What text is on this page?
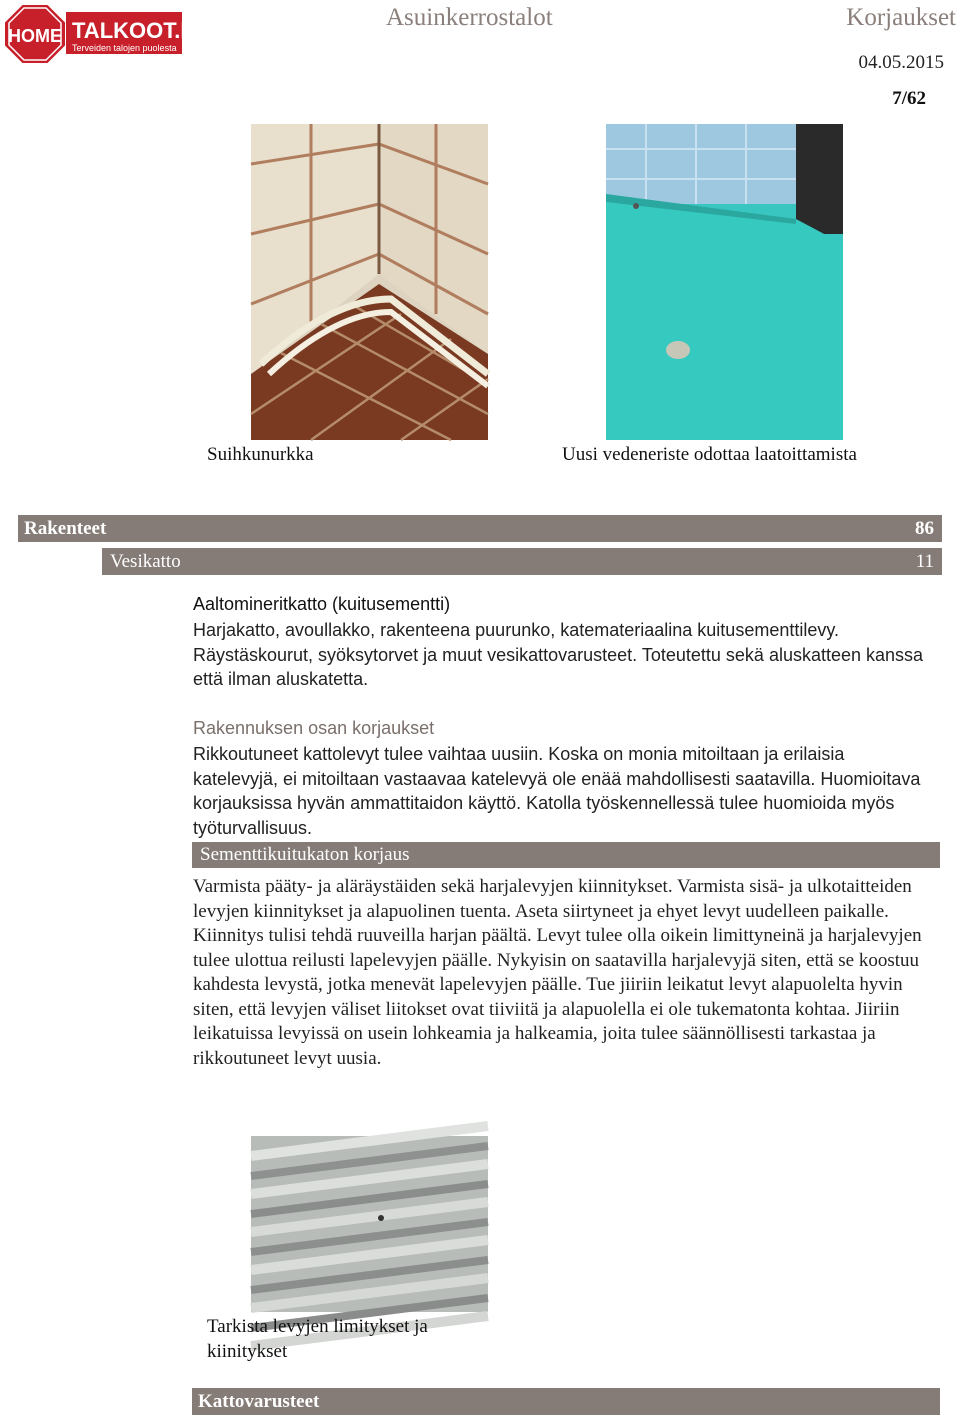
HOME TALKOOT.FI
Terveiden talojen puolesta
Asuinkerrostalot	Korjaukset
04.05.2015
7/62
Suihkunurkka	Uusi vedeneriste odottaa laatoittamista
Rakenteet	86
Vesikatto	11
Aaltomineritkatto (kuitusementti)
Harjakatto, avoullakko, rakenteena puurunko, katemateriaalina kuitusementtilevy. Räystäskourut, syöksytorvet ja muut vesikattovarusteet. Toteutettu sekä aluskatteen kanssa että ilman aluskatetta.
Rakennuksen osan korjaukset
Rikkoutuneet kattolevyt tulee vaihtaa uusiin. Koska on monia mitoiltaan ja erilaisia katelevyjä, ei mitoiltaan vastaavaa katelevyä ole enää mahdollisesti saatavilla. Huomioitava korjauksissa hyvän ammattitaidon käyttö. Katolla työskennellessä tulee huomioida myös työturvallisuus.
Sementtikuitukaton korjaus
Varmista pääty- ja aläräystäiden sekä harjalevyjen kiinnitykset. Varmista sisä- ja ulkotaitteiden levyjen kiinnitykset ja alapuolinen tuenta. Aseta siirtyneet ja ehyet levyt uudelleen paikalle. Kiinnitys tulisi tehdä ruuveilla harjan päältä. Levyt tulee olla oikein limittyneinä ja harjalevyjen tulee ulottua reilusti lapelevyjen päälle. Nykyisin on saatavilla harjalevyjä siten, että se koostuu kahdesta levystä, jotka menevät lapelevyjen päälle. Tue jiiriin leikatut levyt alapuolelta hyvin siten, että levyjen väliset liitokset ovat tiiviitä ja alapuolella ei ole tukematonta kohtaa. Jiiriin leikatuissa levyissä on usein lohkeamia ja halkeamia, joita tulee säännöllisesti tarkastaa ja rikkoutuneet levyt uusia.
Tarkista levyjen limitykset ja kiinitykset
Kattovarusteet
